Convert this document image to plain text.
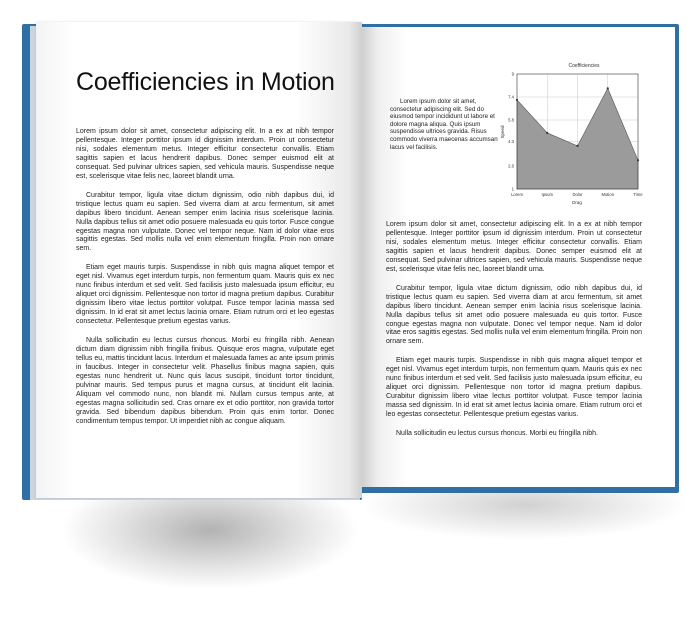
Coefficiencies in Motion

Lorem ipsum dolor sit amet, consectetur adipiscing elit. In a ex at nibh tempor pellentesque. Integer porttitor ipsum id dignissim interdum. Proin ut consectetur nisi, sodales elementum metus. Integer efficitur consectetur convallis. Etiam sagittis sapien et lacus hendrerit dapibus. Donec semper euismod elit at consequat. Sed pulvinar ultrices sapien, sed vehicula mauris. Suspendisse neque est, scelerisque vitae felis nec, laoreet blandit urna.

Curabitur tempor, ligula vitae dictum dignissim, odio nibh dapibus dui, id tristique lectus quam eu sapien. Sed viverra diam at arcu fermentum, sit amet dapibus libero tincidunt. Aenean semper enim lacinia risus scelerisque lacinia. Nulla dapibus tellus sit amet odio posuere malesuada eu quis tortor. Fusce congue egestas magna non vulputate. Donec vel tempor neque. Nam id dolor vitae eros sagittis egestas. Sed mollis nulla vel enim elementum fringilla. Proin non ornare sem.

Etiam eget mauris turpis. Suspendisse in nibh quis magna aliquet tempor et eget nisl. Vivamus eget interdum turpis, non fermentum quam. Mauris quis ex nec nunc finibus interdum et sed velit. Sed facilisis justo malesuada ipsum efficitur, eu aliquet orci dignissim. Pellentesque non tortor id magna pretium dapibus. Curabitur dignissim libero vitae lectus porttitor volutpat. Fusce tempor lacinia massa sed dignissim. In id erat sit amet lectus lacinia ornare. Etiam rutrum orci et leo egestas consectetur. Pellentesque pretium egestas varius.

Nulla sollicitudin eu lectus cursus rhoncus. Morbi eu fringilla nibh. Aenean dictum diam dignissim nibh fringilla finibus. Quisque eros magna, vulputate eget tellus eu, mattis tincidunt lacus. Interdum et malesuada fames ac ante ipsum primis in faucibus. Integer in consectetur velit. Phasellus finibus magna sapien, quis egestas nunc hendrerit ut. Nunc quis lacus suscipit, tincidunt tortor tincidunt, pulvinar mauris. Sed tempus purus et magna cursus, at tincidunt elit lacinia. Aliquam vel commodo nunc, non blandit mi. Nullam cursus tempus ante, at egestas magna sollicitudin sed. Cras ornare ex et odio porttitor, non gravida tortor gravida. Sed bibendum dapibus bibendum. Proin quis enim tortor. Donec condimentum tempus tempor. Ut imperdiet nibh ac congue aliquam.

Lorem ipsum dolor sit amet, consectetur adipiscing elit. Sed do eiusmod tempor incididunt ut labore et dolore magna aliqua. Quis ipsum suspendisse ultrices gravida. Risus commodo viverra maecenas accumsan lacus vel facilisis.

Coefficiencies
1
2.6
4.3
5.8
7.4
9
Lorem	Ipsum	Dolor	Motion	Time
Speed
Drag

Lorem ipsum dolor sit amet, consectetur adipiscing elit. In a ex at nibh tempor pellentesque. Integer porttitor ipsum id dignissim interdum. Proin ut consectetur nisi, sodales elementum metus. Integer efficitur consectetur convallis. Etiam sagittis sapien et lacus hendrerit dapibus. Donec semper euismod elit at consequat. Sed pulvinar ultrices sapien, sed vehicula mauris. Suspendisse neque est, scelerisque vitae felis nec, laoreet blandit urna.

Curabitur tempor, ligula vitae dictum dignissim, odio nibh dapibus dui, id tristique lectus quam eu sapien. Sed viverra diam at arcu fermentum, sit amet dapibus libero tincidunt. Aenean semper enim lacinia risus scelerisque lacinia. Nulla dapibus tellus sit amet odio posuere malesuada eu quis tortor. Fusce congue egestas magna non vulputate. Donec vel tempor neque. Nam id dolor vitae eros sagittis egestas. Sed mollis nulla vel enim elementum fringilla. Proin non ornare sem.

Etiam eget mauris turpis. Suspendisse in nibh quis magna aliquet tempor et eget nisl. Vivamus eget interdum turpis, non fermentum quam. Mauris quis ex nec nunc finibus interdum et sed velit. Sed facilisis justo malesuada ipsum efficitur, eu aliquet orci dignissim. Pellentesque non tortor id magna pretium dapibus. Curabitur dignissim libero vitae lectus porttitor volutpat. Fusce tempor lacinia massa sed dignissim. In id erat sit amet lectus lacinia ornare. Etiam rutrum orci et leo egestas consectetur. Pellentesque pretium egestas varius.

Nulla sollicitudin eu lectus cursus rhoncus. Morbi eu fringilla nibh.
